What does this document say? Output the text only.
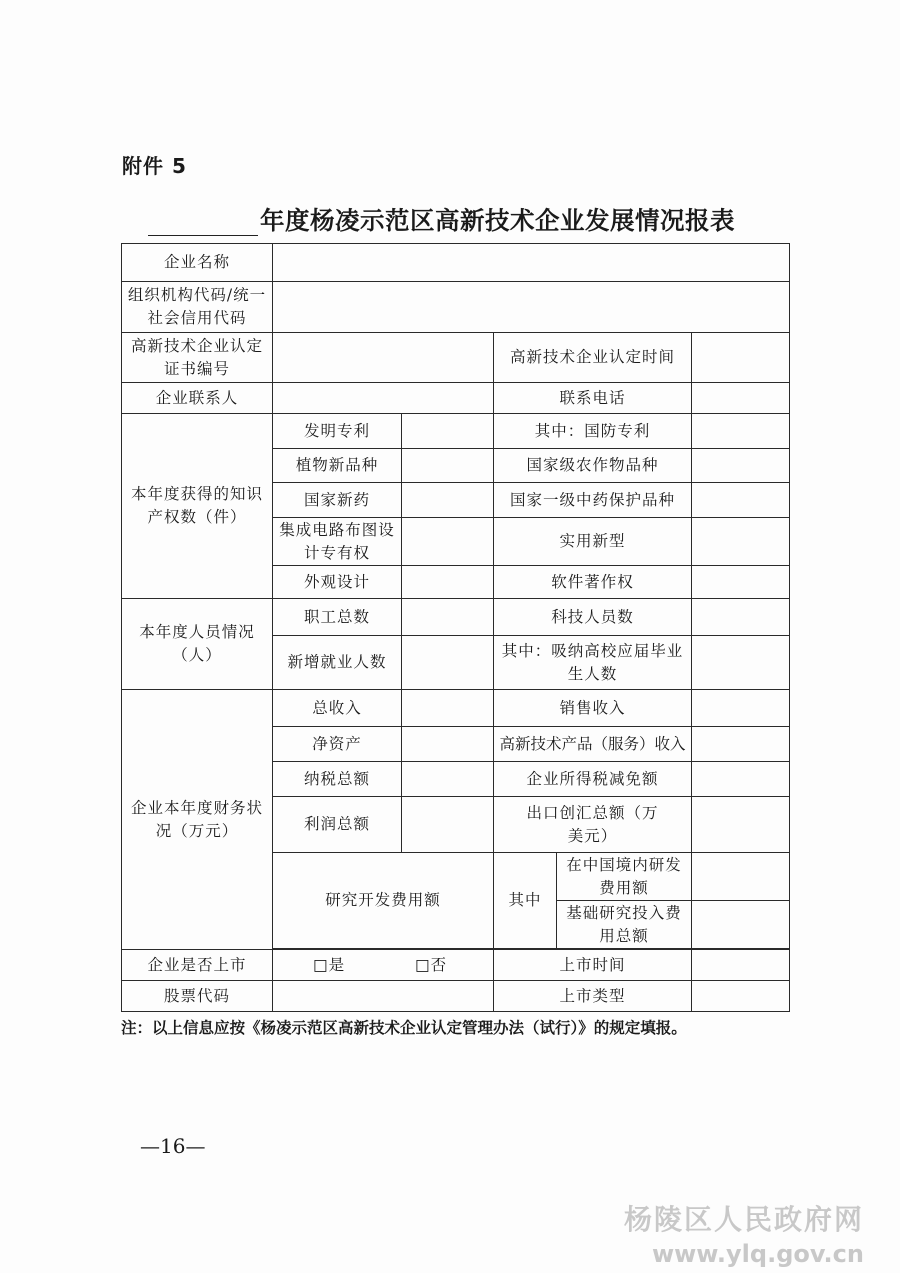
附件 5
年度杨凌示范区高新技术企业发展情况报表
企业名称					
组织机构代码/统一社会信用代码					
高新技术企业认定证书编号			高新技术企业认定时间		
企业联系人			联系电话		
本年度获得的知识产权数（件）	发明专利		其中：国防专利		
	植物新品种		国家级农作物品种		
	国家新药		国家一级中药保护品种		
	集成电路布图设计专有权		实用新型		
	外观设计		软件著作权		
本年度人员情况（人）	职工总数		科技人员数		
	新增就业人数		其中：吸纳高校应届毕业生人数		
企业本年度财务状况（万元）	总收入		销售收入		
	净资产		高新技术产品（服务）收入		
	纳税总额		企业所得税减免额		
	利润总额		出口创汇总额（万美元）		
	研究开发费用额		其中	在中国境内研发费用额	
				基础研究投入费用总额	

企业是否上市	□是 □否		上市时间		
股票代码			上市类型		
注：以上信息应按《杨凌示范区高新技术企业认定管理办法（试行）》的规定填报。
—16—
杨陵区人民政府网
www.ylq.gov.cn
